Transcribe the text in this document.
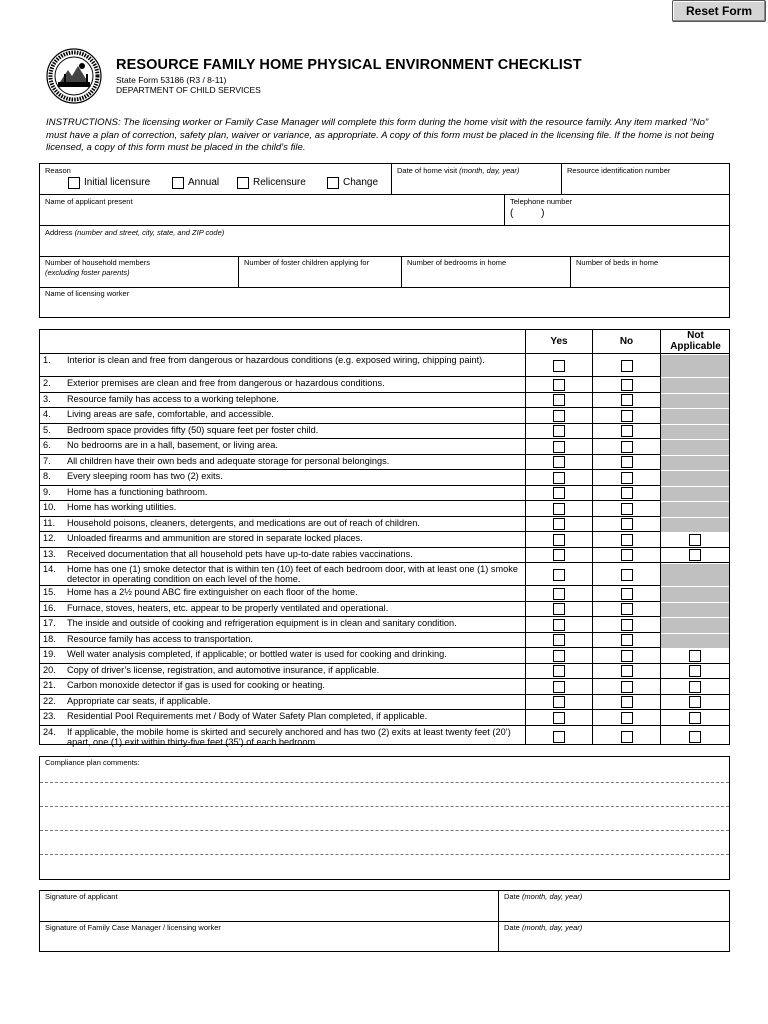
Reset Form
RESOURCE FAMILY HOME PHYSICAL ENVIRONMENT CHECKLIST
State Form 53186 (R3 / 8-11)
DEPARTMENT OF CHILD SERVICES
INSTRUCTIONS: The licensing worker or Family Case Manager will complete this form during the home visit with the resource family. Any item marked “No” must have a plan of correction, safety plan, waiver or variance, as appropriate. A copy of this form must be placed in the licensing file. If the home is not being licensed, a copy of this form must be placed in the child’s file.
Reason
Initial licensure	Annual	Relicensure	Change
Date of home visit (month, day, year)	Resource identification number
Name of applicant present	Telephone number
(          )
Address (number and street, city, state, and ZIP code)
Number of household members
(excluding foster parents)
Number of foster children applying for	Number of bedrooms in home	Number of beds in home
Name of licensing worker
Yes	No
Not
Applicable
1. Interior is clean and free from dangerous or hazardous conditions (e.g. exposed wiring, chipping paint).
2. Exterior premises are clean and free from dangerous or hazardous conditions.
3. Resource family has access to a working telephone.
4. Living areas are safe, comfortable, and accessible.
5. Bedroom space provides fifty (50) square feet per foster child.
6. No bedrooms are in a hall, basement, or living area.
7. All children have their own beds and adequate storage for personal belongings.
8. Every sleeping room has two (2) exits.
9. Home has a functioning bathroom.
10. Home has working utilities.
11. Household poisons, cleaners, detergents, and medications are out of reach of children.
12. Unloaded firearms and ammunition are stored in separate locked places.
13. Received documentation that all household pets have up-to-date rabies vaccinations.
14. Home has one (1) smoke detector that is within ten (10) feet of each bedroom door, with at least one (1) smoke detector in operating condition on each level of the home.
15. Home has a 2½ pound ABC fire extinguisher on each floor of the home.
16. Furnace, stoves, heaters, etc. appear to be properly ventilated and operational.
17. The inside and outside of cooking and refrigeration equipment is in clean and sanitary condition.
18. Resource family has access to transportation.
19. Well water analysis completed, if applicable; or bottled water is used for cooking and drinking.
20. Copy of driver’s license, registration, and automotive insurance, if applicable.
21. Carbon monoxide detector if gas is used for cooking or heating.
22. Appropriate car seats, if applicable.
23. Residential Pool Requirements met / Body of Water Safety Plan completed, if applicable.
24. If applicable, the mobile home is skirted and securely anchored and has two (2) exits at least twenty feet (20’) apart, one (1) exit within thirty-five feet (35’) of each bedroom.
Compliance plan comments:
Signature of applicant	Date (month, day, year)
Signature of Family Case Manager / licensing worker	Date (month, day, year)
